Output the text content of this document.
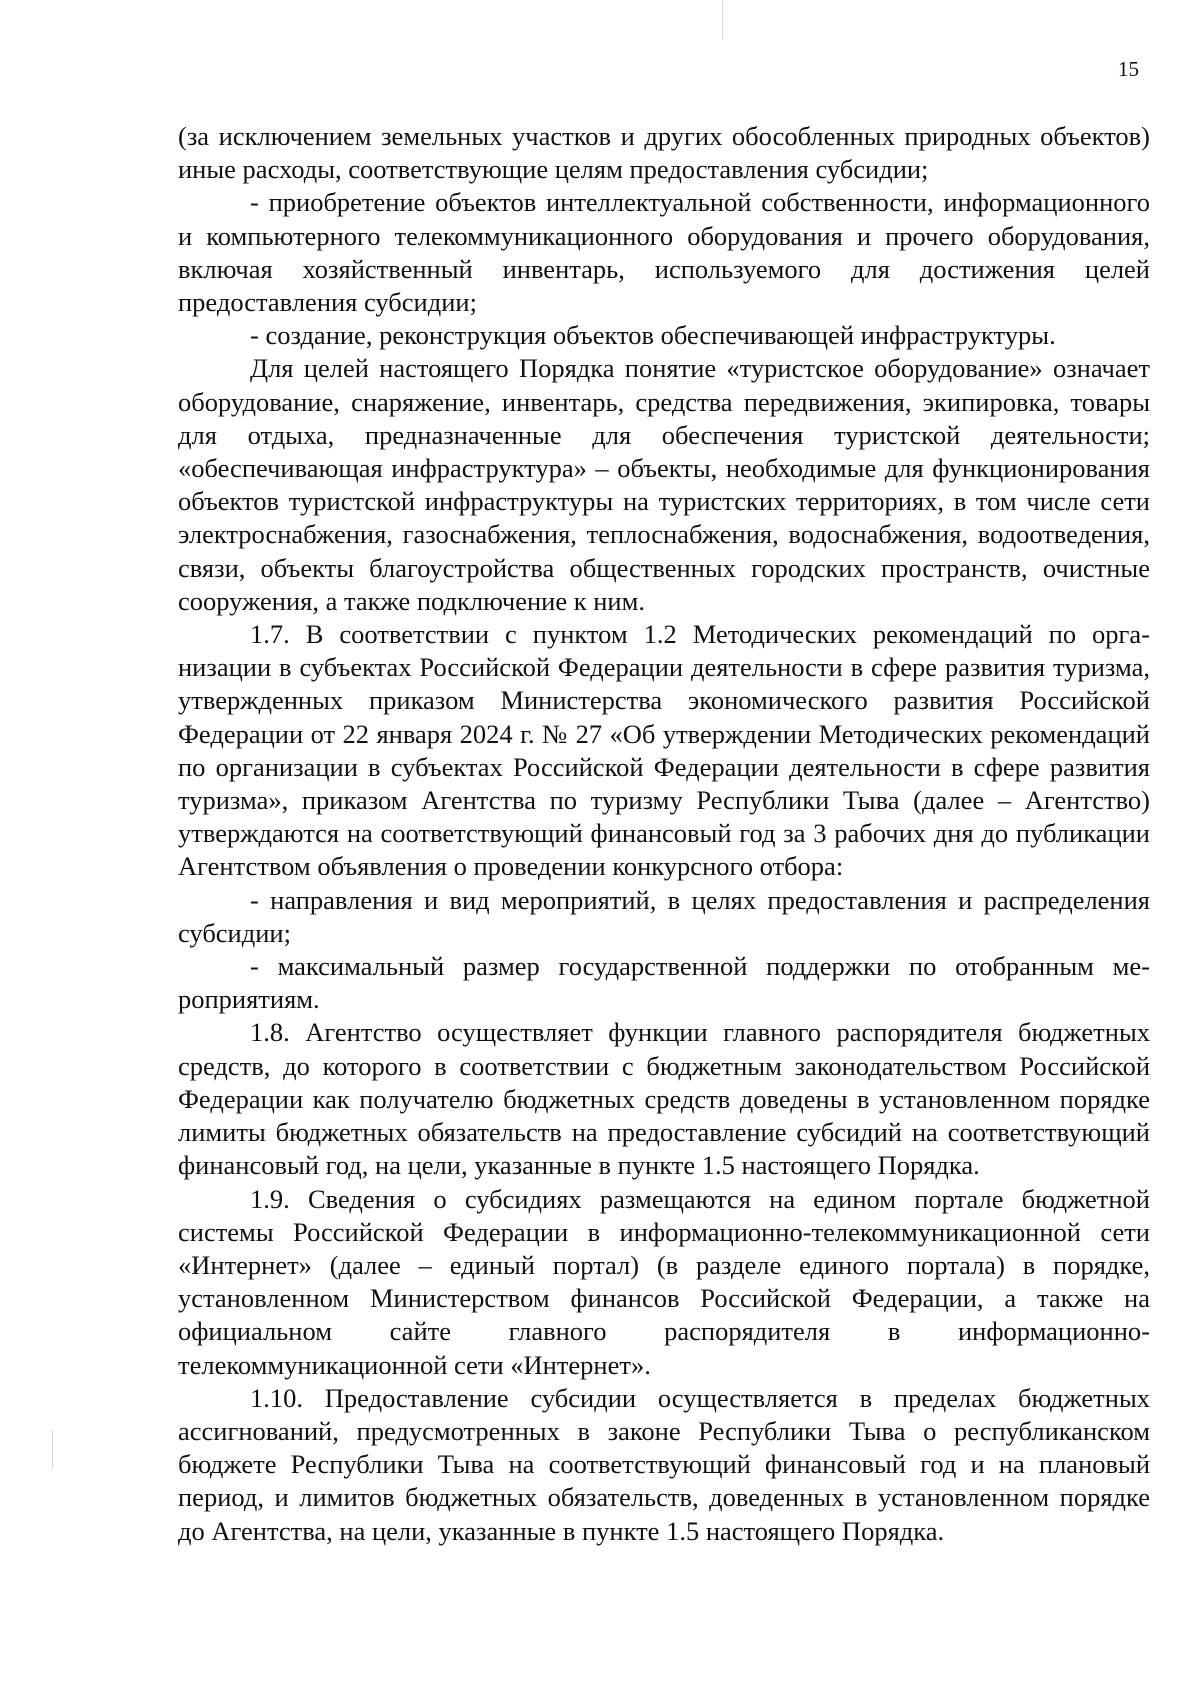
15

(за исключением земельных участков и других обособленных природных объектов) иные расходы, соответствующие целям предоставления субсидии;

- приобретение объектов интеллектуальной собственности, информационного и компьютерного телекоммуникационного оборудования и прочего оборудования, включая хозяйственный инвентарь, используемого для достижения целей предоставления субсидии;

- создание, реконструкция объектов обеспечивающей инфраструктуры.

Для целей настоящего Порядка понятие «туристское оборудование» означает оборудование, снаряжение, инвентарь, средства передвижения, экипировка, товары для отдыха, предназначенные для обеспечения туристской деятельности; «обеспечивающая инфраструктура» – объекты, необходимые для функционирования объектов туристской инфраструктуры на туристских территориях, в том числе сети электроснабжения, газоснабжения, теплоснабжения, водоснабжения, водоотведения, связи, объекты благоустройства общественных городских пространств, очистные сооружения, а также подключение к ним.

1.7. В соответствии с пунктом 1.2 Методических рекомендаций по организации в субъектах Российской Федерации деятельности в сфере развития туризма, утвержденных приказом Министерства экономического развития Российской Федерации от 22 января 2024 г. № 27 «Об утверждении Методических рекомендаций по организации в субъектах Российской Федерации деятельности в сфере развития туризма», приказом Агентства по туризму Республики Тыва (далее – Агентство) утверждаются на соответствующий финансовый год за 3 рабочих дня до публикации Агентством объявления о проведении конкурсного отбора:

- направления и вид мероприятий, в целях предоставления и распределения субсидии;

- максимальный размер государственной поддержки по отобранным мероприятиям.

1.8. Агентство осуществляет функции главного распорядителя бюджетных средств, до которого в соответствии с бюджетным законодательством Российской Федерации как получателю бюджетных средств доведены в установленном порядке лимиты бюджетных обязательств на предоставление субсидий на соответствующий финансовый год, на цели, указанные в пункте 1.5 настоящего Порядка.

1.9. Сведения о субсидиях размещаются на едином портале бюджетной системы Российской Федерации в информационно-телекоммуникационной сети «Интернет» (далее – единый портал) (в разделе единого портала) в порядке, установленном Министерством финансов Российской Федерации, а также на официальном сайте главного распорядителя в информационно-телекоммуникационной сети «Интернет».

1.10. Предоставление субсидии осуществляется в пределах бюджетных ассигнований, предусмотренных в законе Республики Тыва о республиканском бюджете Республики Тыва на соответствующий финансовый год и на плановый период, и лимитов бюджетных обязательств, доведенных в установленном порядке до Агентства, на цели, указанные в пункте 1.5 настоящего Порядка.
